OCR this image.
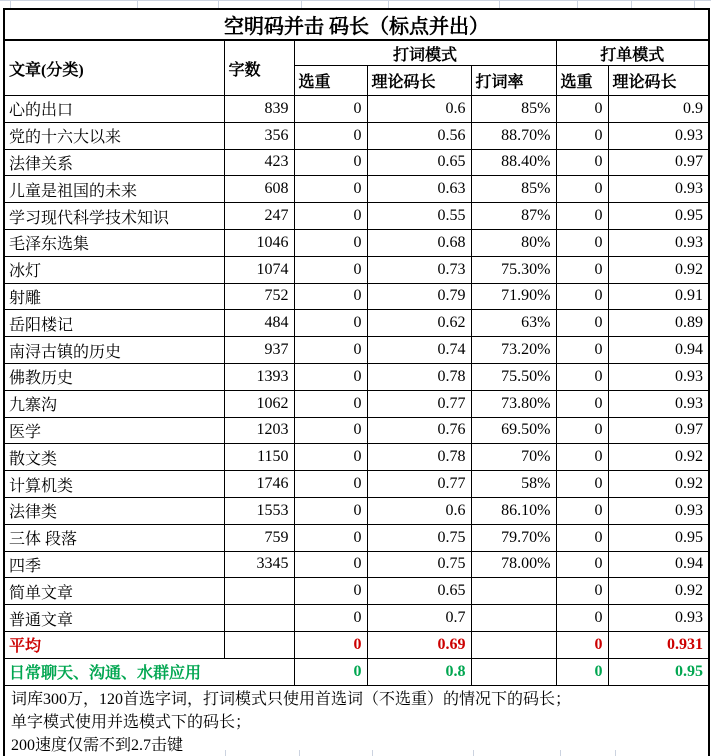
空明码并击 码长（标点并出）						
文章(分类)	字数	打词模式			打单模式	
		选重	理论码长	打词率	选重	理论码长
心的出口	839	0	0.6	85%	0	0.9
党的十六大以来	356	0	0.56	88.70%	0	0.93
法律关系	423	0	0.65	88.40%	0	0.97
儿童是祖国的未来	608	0	0.63	85%	0	0.93
学习现代科学技术知识	247	0	0.55	87%	0	0.95
毛泽东选集	1046	0	0.68	80%	0	0.93
冰灯	1074	0	0.73	75.30%	0	0.92
射雕	752	0	0.79	71.90%	0	0.91
岳阳楼记	484	0	0.62	63%	0	0.89
南浔古镇的历史	937	0	0.74	73.20%	0	0.94
佛教历史	1393	0	0.78	75.50%	0	0.93
九寨沟	1062	0	0.77	73.80%	0	0.93
医学	1203	0	0.76	69.50%	0	0.97
散文类	1150	0	0.78	70%	0	0.92
计算机类	1746	0	0.77	58%	0	0.92
法律类	1553	0	0.6	86.10%	0	0.93
三体 段落	759	0	0.75	79.70%	0	0.95
四季	3345	0	0.75	78.00%	0	0.94
简单文章		0	0.65		0	0.92
普通文章		0	0.7		0	0.93
平均		0	0.69		0	0.931
日常聊天、沟通、水群应用		0	0.8		0	0.95

词库300万，120首选字词，打词模式只使用首选词（不选重）的情况下的码长；
单字模式使用并选模式下的码长；
200速度仅需不到2.7击键						
